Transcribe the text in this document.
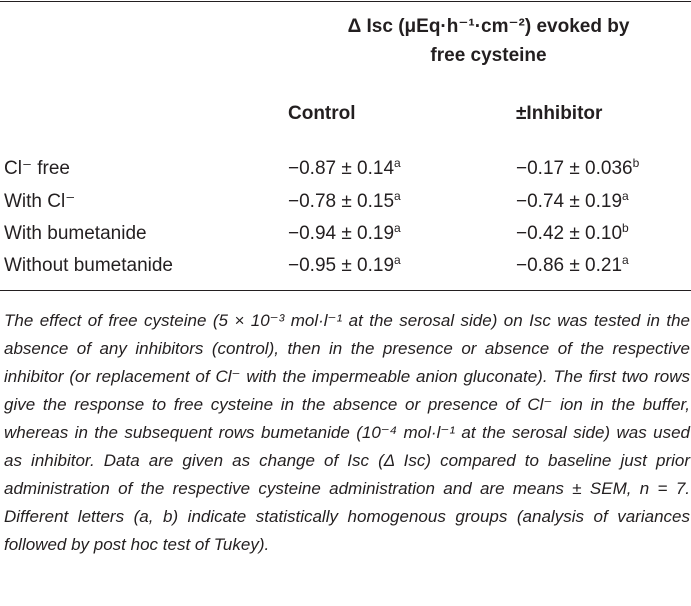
Δ Isc (μEq·h⁻¹·cm⁻²) evoked by
free cysteine
Control	±Inhibitor
Cl⁻ free	−0.87 ± 0.14$^a$	−0.17 ± 0.036$^b$
With Cl⁻	−0.78 ± 0.15$^a$	−0.74 ± 0.19$^a$
With bumetanide	−0.94 ± 0.19$^a$	−0.42 ± 0.10$^b$
Without bumetanide	−0.95 ± 0.19$^a$	−0.86 ± 0.21$^a$
The effect of free cysteine (5 × 10⁻³ mol·l⁻¹ at the serosal side) on Isc was tested in the absence of any inhibitors (control), then in the presence or absence of the respective inhibitor (or replacement of Cl⁻ with the impermeable anion gluconate). The first two rows give the response to free cysteine in the absence or presence of Cl⁻ ion in the buffer, whereas in the subsequent rows bumetanide (10⁻⁴ mol·l⁻¹ at the serosal side) was used as inhibitor. Data are given as change of Isc (Δ Isc) compared to baseline just prior administration of the respective cysteine administration and are means ± SEM, n = 7. Different letters (a, b) indicate statistically homogenous groups (analysis of variances followed by post hoc test of Tukey).
